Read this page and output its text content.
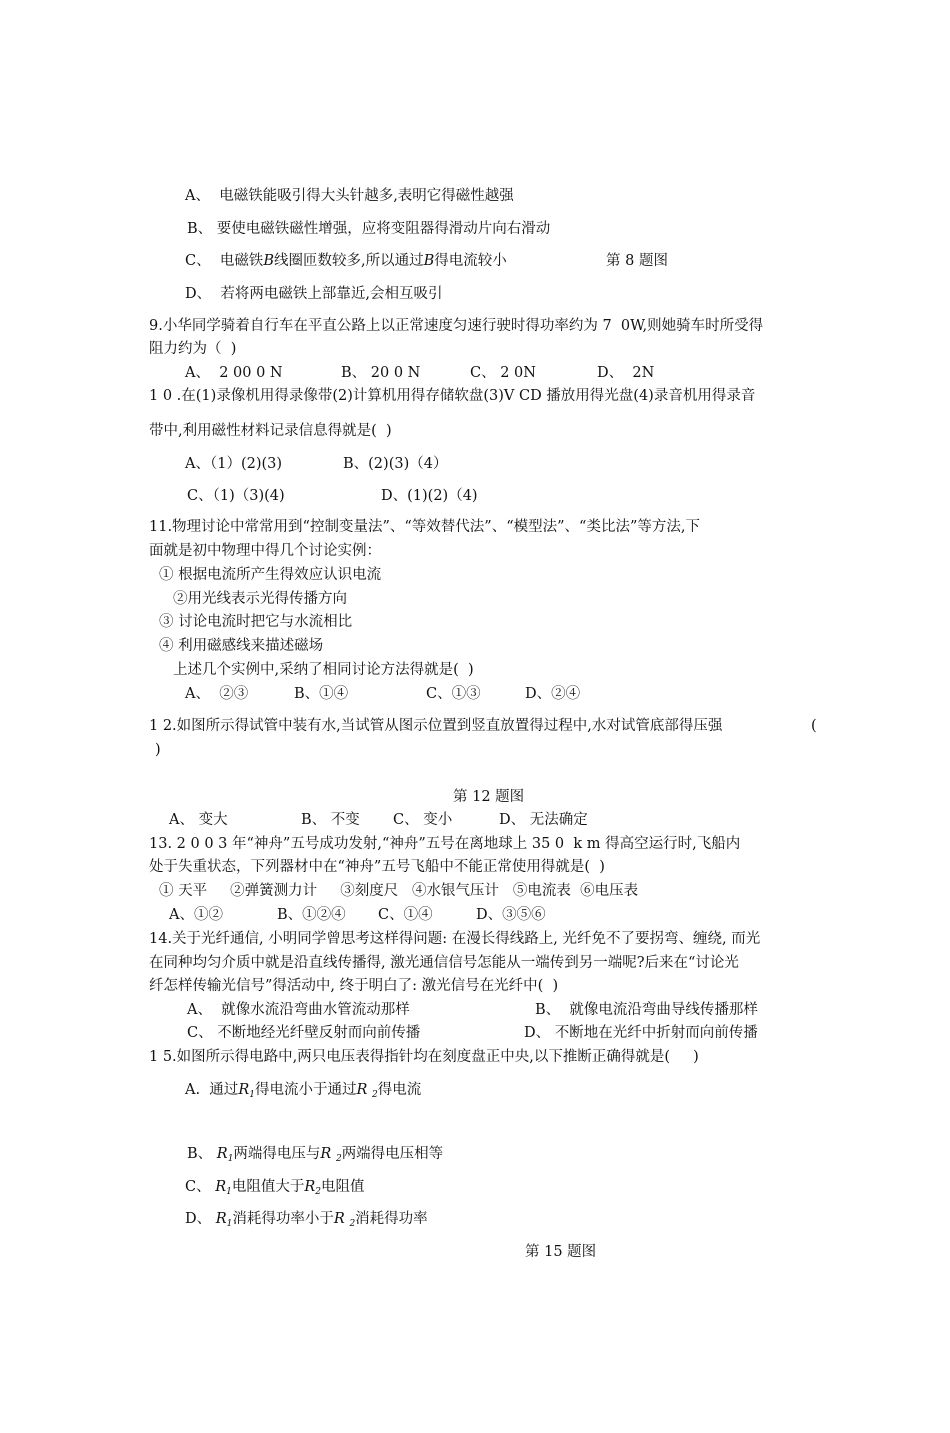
A、  电磁铁能吸引得大头针越多,表明它得磁性越强
B、 要使电磁铁磁性增强，应将变阻器得滑动片向右滑动
C、  电磁铁B线圈匝数较多,所以通过B得电流较小	第 8 题图
D、  若将两电磁铁上部靠近,会相互吸引
9.小华同学骑着自行车在平直公路上以正常速度匀速行驶时得功率约为 7  0W,则她骑车时所受得
阻力约为（  )
A、  2 00 0 N	B、 20 0 N	C、 2 0N	D、  2N
1 0 .在(1)录像机用得录像带(2)计算机用得存储软盘(3)V CD 播放用得光盘(4)录音机用得录音
带中,利用磁性材料记录信息得就是(  )
A、（1）(2)(3)	B、(2)(3)（4）
C、（1)（3)(4)	D、(1)(2)（4)
11.物理讨论中常常用到“控制变量法”、“等效替代法”、“模型法”、“类比法”等方法,下
面就是初中物理中得几个讨论实例：
① 根据电流所产生得效应认识电流
②用光线表示光得传播方向
③ 讨论电流时把它与水流相比
④ 利用磁感线来描述磁场
上述几个实例中,采纳了相同讨论方法得就是(  )
A、  ②③	B、①④	C、①③	D、②④
1 2.如图所示得试管中装有水,当试管从图示位置到竖直放置得过程中,水对试管底部得压强	(
)
第 12 题图
A、 变大	B、 不变 C、 变小	D、 无法确定
13. 2 0 0 3 年“神舟”五号成功发射,“神舟”五号在离地球上 35 0  k m 得高空运行时,飞船内
处于失重状态，下列器材中在“神舟”五号飞船中不能正常使用得就是(  )
① 天平     ②弹簧测力计     ③刻度尺   ④水银气压计   ⑤电流表  ⑥电压表
A、①②	B、①②④ C、①④	D、③⑤⑥
14.关于光纤通信, 小明同学曾思考这样得问题: 在漫长得线路上, 光纤免不了要拐弯、缠绕, 而光
在同种均匀介质中就是沿直线传播得, 激光通信信号怎能从一端传到另一端呢?后来在“讨论光
纤怎样传输光信号”得活动中, 终于明白了: 激光信号在光纤中(  )
A、  就像水流沿弯曲水管流动那样	B、  就像电流沿弯曲导线传播那样
C、 不断地经光纤壁反射而向前传播	D、 不断地在光纤中折射而向前传播
1 5.如图所示得电路中,两只电压表得指针均在刻度盘正中央,以下推断正确得就是(     )
A.  通过$R_1$得电流小于通过R $_2$得电流
B、 $R_1$两端得电压与R $_2$两端得电压相等
C、 $R_1$电阻值大于$R_2$电阻值
D、 $R_1$消耗得功率小于R $_2$消耗得功率
第 15 题图
